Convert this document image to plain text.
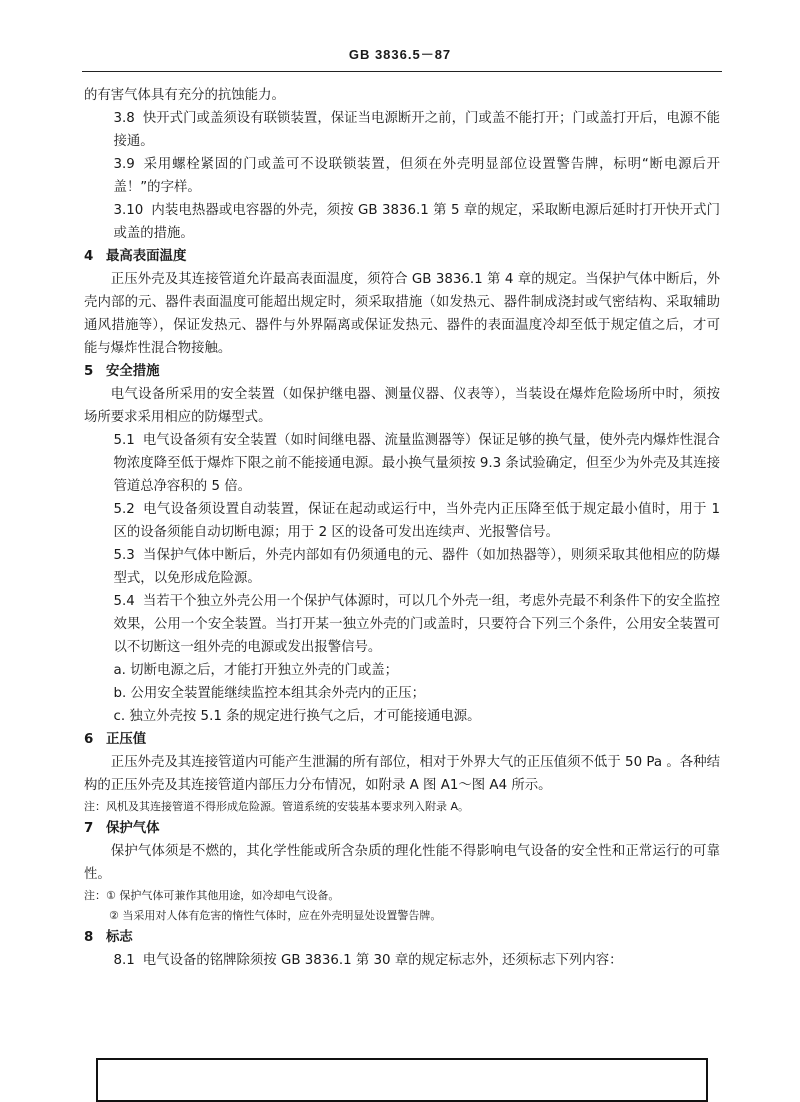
GB 3836.5－87

的有害气体具有充分的抗蚀能力。

3.8 快开式门或盖须设有联锁装置，保证当电源断开之前，门或盖不能打开；门或盖打开后，电源不能接通。

3.9 采用螺栓紧固的门或盖可不设联锁装置，但须在外壳明显部位设置警告牌，标明“断电源后开盖！”的字样。

3.10 内装电热器或电容器的外壳，须按 GB 3836.1 第 5 章的规定，采取断电源后延时打开快开式门或盖的措施。

4 最高表面温度

正压外壳及其连接管道允许最高表面温度，须符合 GB 3836.1 第 4 章的规定。当保护气体中断后，外壳内部的元、器件表面温度可能超出规定时，须采取措施（如发热元、器件制成浇封或气密结构、采取辅助通风措施等），保证发热元、器件与外界隔离或保证发热元、器件的表面温度冷却至低于规定值之后，才可能与爆炸性混合物接触。

5 安全措施

电气设备所采用的安全装置（如保护继电器、测量仪器、仪表等），当装设在爆炸危险场所中时，须按场所要求采用相应的防爆型式。

5.1 电气设备须有安全装置（如时间继电器、流量监测器等）保证足够的换气量，使外壳内爆炸性混合物浓度降至低于爆炸下限之前不能接通电源。最小换气量须按 9.3 条试验确定，但至少为外壳及其连接管道总净容积的 5 倍。

5.2 电气设备须设置自动装置，保证在起动或运行中，当外壳内正压降至低于规定最小值时，用于 1 区的设备须能自动切断电源；用于 2 区的设备可发出连续声、光报警信号。

5.3 当保护气体中断后，外壳内部如有仍须通电的元、器件（如加热器等），则须采取其他相应的防爆型式，以免形成危险源。

5.4 当若干个独立外壳公用一个保护气体源时，可以几个外壳一组，考虑外壳最不利条件下的安全监控效果，公用一个安全装置。当打开某一独立外壳的门或盖时，只要符合下列三个条件，公用安全装置可以不切断这一组外壳的电源或发出报警信号。

a. 切断电源之后，才能打开独立外壳的门或盖；

b. 公用安全装置能继续监控本组其余外壳内的正压；

c. 独立外壳按 5.1 条的规定进行换气之后，才可能接通电源。

6 正压值

正压外壳及其连接管道内可能产生泄漏的所有部位，相对于外界大气的正压值须不低于 50 Pa 。各种结构的正压外壳及其连接管道内部压力分布情况，如附录 A 图 A1～图 A4 所示。

注：风机及其连接管道不得形成危险源。管道系统的安装基本要求列入附录 A。

7 保护气体

保护气体须是不燃的，其化学性能或所含杂质的理化性能不得影响电气设备的安全性和正常运行的可靠性。

注：① 保护气体可兼作其他用途，如冷却电气设备。

② 当采用对人体有危害的惰性气体时，应在外壳明显处设置警告牌。

8 标志

8.1 电气设备的铭牌除须按 GB 3836.1 第 30 章的规定标志外，还须标志下列内容：
